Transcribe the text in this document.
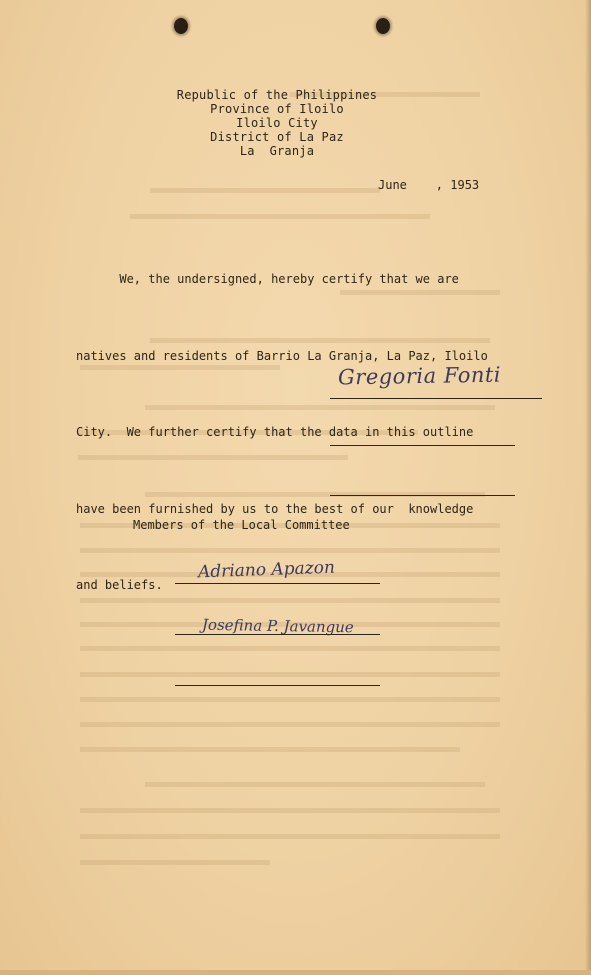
Republic of the Philippines
Province of Iloilo
Iloilo City
District of La Paz
La  Granja
June    , 1953

We, the undersigned, hereby certify that we are

natives and residents of Barrio La Granja, La Paz, Iloilo

City.  We further certify that the data in this outline

have been furnished by us to the best of our  knowledge

and beliefs.

Gregoria Fonti
Members of the Local Committee
Adriano Apazon
Josefina P. Javangue
